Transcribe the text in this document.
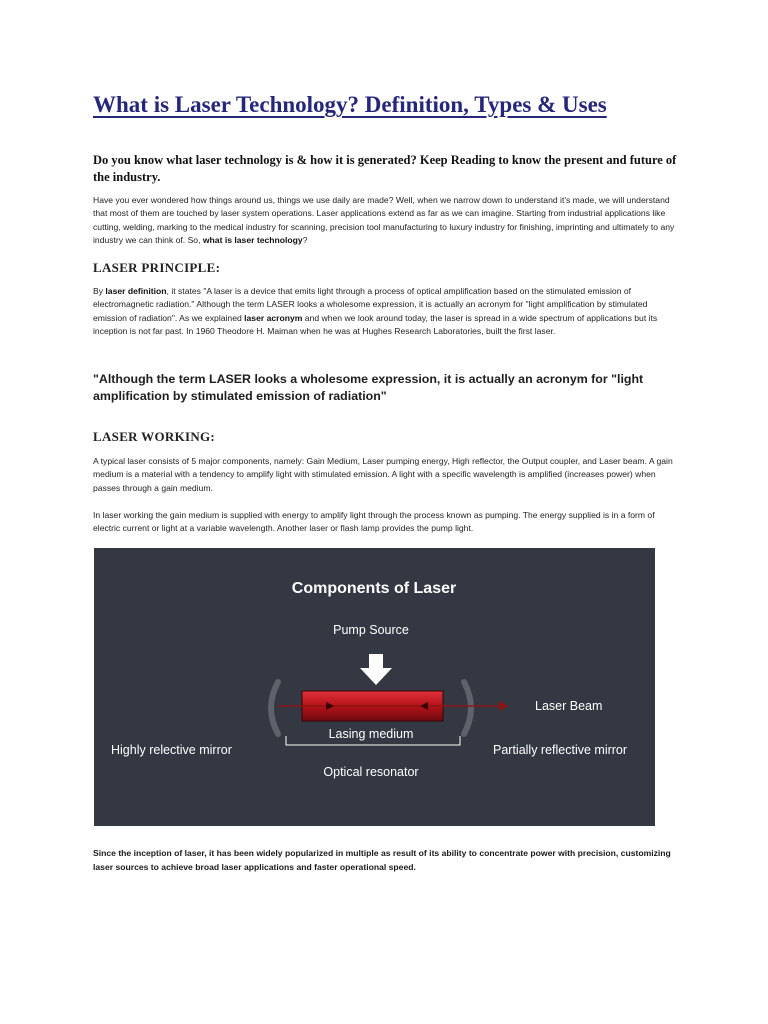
What is Laser Technology? Definition, Types & Uses

Do you know what laser technology is & how it is generated? Keep Reading to know the present and future of the industry.

Have you ever wondered how things around us, things we use daily are made? Well, when we narrow down to understand it's made, we will understand that most of them are touched by laser system operations. Laser applications extend as far as we can imagine. Starting from industrial applications like cutting, welding, marking to the medical industry for scanning, precision tool manufacturing to luxury industry for finishing, imprinting and ultimately to any industry we can think of. So, what is laser technology?

LASER PRINCIPLE:

By laser definition, it states "A laser is a device that emits light through a process of optical amplification based on the stimulated emission of electromagnetic radiation." Although the term LASER looks a wholesome expression, it is actually an acronym for "light amplification by stimulated emission of radiation". As we explained laser acronym and when we look around today, the laser is spread in a wide spectrum of applications but its inception is not far past. In 1960 Theodore H. Maiman when he was at Hughes Research Laboratories, built the first laser.

"Although the term LASER looks a wholesome expression, it is actually an acronym for "light amplification by stimulated emission of radiation"

LASER WORKING:

A typical laser consists of 5 major components, namely: Gain Medium, Laser pumping energy, High reflector, the Output coupler, and Laser beam. A gain medium is a material with a tendency to amplify light with stimulated emission. A light with a specific wavelength is amplified (increases power) when passes through a gain medium.

In laser working the gain medium is supplied with energy to amplify light through the process known as pumping. The energy supplied is in a form of electric current or light at a variable wavelength. Another laser or flash lamp provides the pump light.

Components of Laser
Pump Source
Laser Beam
Lasing medium
Highly relective mirror	Partially reflective mirror
Optical resonator

Since the inception of laser, it has been widely popularized in multiple as result of its ability to concentrate power with precision, customizing laser sources to achieve broad laser applications and faster operational speed.
